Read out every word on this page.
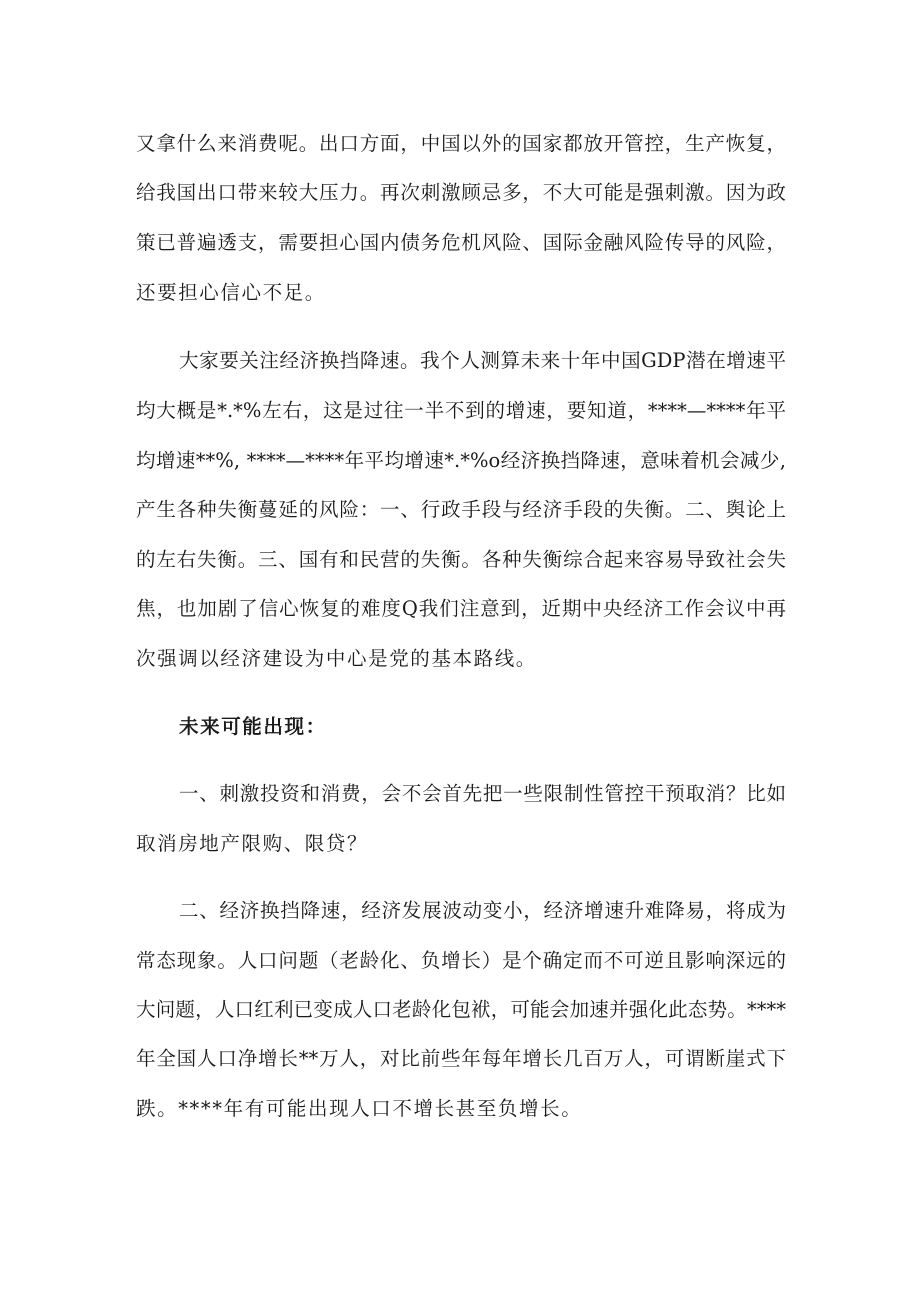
又拿什么来消费呢。出口方面，中国以外的国家都放开管控，生产恢复，
给我国出口带来较大压力。再次刺激顾忌多，不大可能是强刺激。因为政
策已普遍透支，需要担心国内债务危机风险、国际金融风险传导的风险，
还要担心信心不足。
大家要关注经济换挡降速。我个人测算未来十年中国GDP潜在增速平
均大概是*.*%左右，这是过往一半不到的增速，要知道，****—****年平
均增速**%, ****—****年平均增速*.*%o经济换挡降速，意味着机会减少,
产生各种失衡蔓延的风险：一、行政手段与经济手段的失衡。二、舆论上
的左右失衡。三、国有和民营的失衡。各种失衡综合起来容易导致社会失
焦，也加剧了信心恢复的难度Q我们注意到，近期中央经济工作会议中再
次强调以经济建设为中心是党的基本路线。
未来可能出现：
一、刺激投资和消费，会不会首先把一些限制性管控干预取消？比如
取消房地产限购、限贷？
二、经济换挡降速，经济发展波动变小，经济增速升难降易，将成为
常态现象。人口问题（老龄化、负增长）是个确定而不可逆且影响深远的
大问题，人口红利已变成人口老龄化包袱，可能会加速并强化此态势。****
年全国人口净增长**万人，对比前些年每年增长几百万人，可谓断崖式下
跌。****年有可能出现人口不增长甚至负增长。
